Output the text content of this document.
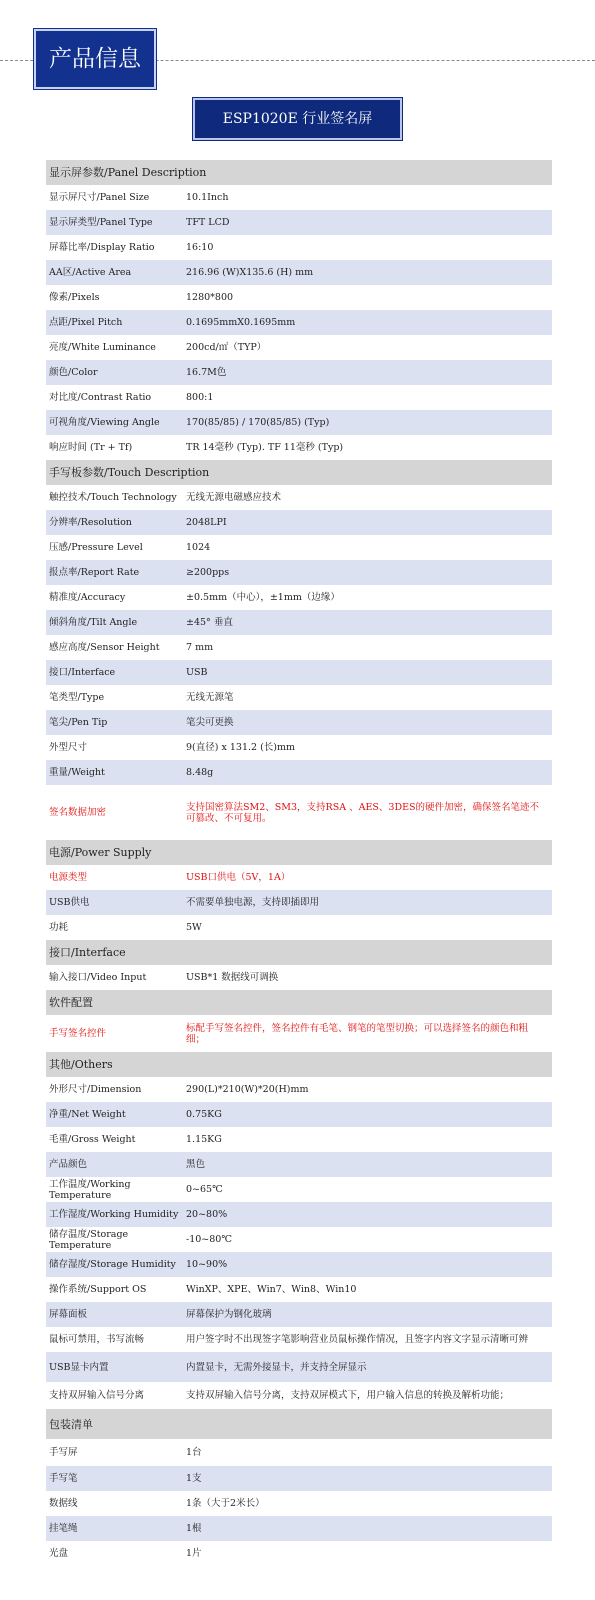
产品信息
ESP1020E 行业签名屏
显示屏参数/Panel Description
显示屏尺寸/Panel Size	10.1Inch
显示屏类型/Panel Type	TFT LCD
屏幕比率/Display Ratio	16:10
AA区/Active Area	216.96 (W)X135.6 (H) mm
像素/Pixels	1280*800
点距/Pixel Pitch	0.1695mmX0.1695mm
亮度/White Luminance	200cd/㎡（TYP）
颜色/Color	16.7M色
对比度/Contrast Ratio	800:1
可视角度/Viewing Angle	170(85/85) / 170(85/85) (Typ)
响应时间 (Tr + Tf)	TR 14毫秒 (Typ). TF 11毫秒 (Typ)
手写板参数/Touch Description
触控技术/Touch Technology 无线无源电磁感应技术
分辨率/Resolution	2048LPI
压感/Pressure Level	1024
报点率/Report Rate	≥200pps
精准度/Accuracy	±0.5mm（中心），±1mm（边缘）
倾斜角度/Tilt Angle	±45° 垂直
感应高度/Sensor Height	7 mm
接口/Interface	USB
笔类型/Type	无线无源笔
笔尖/Pen Tip	笔尖可更换
外型尺寸	9(直径) x 131.2 (长)mm
重量/Weight	8.48g
签名数据加密	支持国密算法SM2、SM3，支持RSA 、AES、3DES的硬件加密，确保签名笔迹不可篡改、不可复用。
电源/Power Supply
电源类型	USB口供电（5V，1A）
USB供电	不需要单独电源，支持即插即用
功耗	5W
接口/Interface
输入接口/Video Input	USB*1 数据线可调换
软件配置
手写签名控件	标配手写签名控件，签名控件有毛笔、钢笔的笔型切换；可以选择签名的颜色和粗细；
其他/Others
外形尺寸/Dimension	290(L)*210(W)*20(H)mm
净重/Net Weight	0.75KG
毛重/Gross Weight	1.15KG
产品颜色	黑色
工作温度/Working Temperature	0~65℃
工作湿度/Working Humidity 20~80%
储存温度/Storage Temperature	-10~80℃
储存湿度/Storage Humidity	10~90%
操作系统/Support OS	WinXP、XPE、Win7、Win8、Win10
屏幕面板	屏幕保护为钢化玻璃
鼠标可禁用，书写流畅	用户签字时不出现签字笔影响营业员鼠标操作情况，且签字内容文字显示清晰可辨
USB显卡内置	内置显卡，无需外接显卡，并支持全屏显示
支持双屏输入信号分离	支持双屏输入信号分离，支持双屏模式下，用户输入信息的转换及解析功能；
包装清单
手写屏	1台
手写笔	1支
数据线	1条（大于2米长）
挂笔绳	1根
光盘	1片
